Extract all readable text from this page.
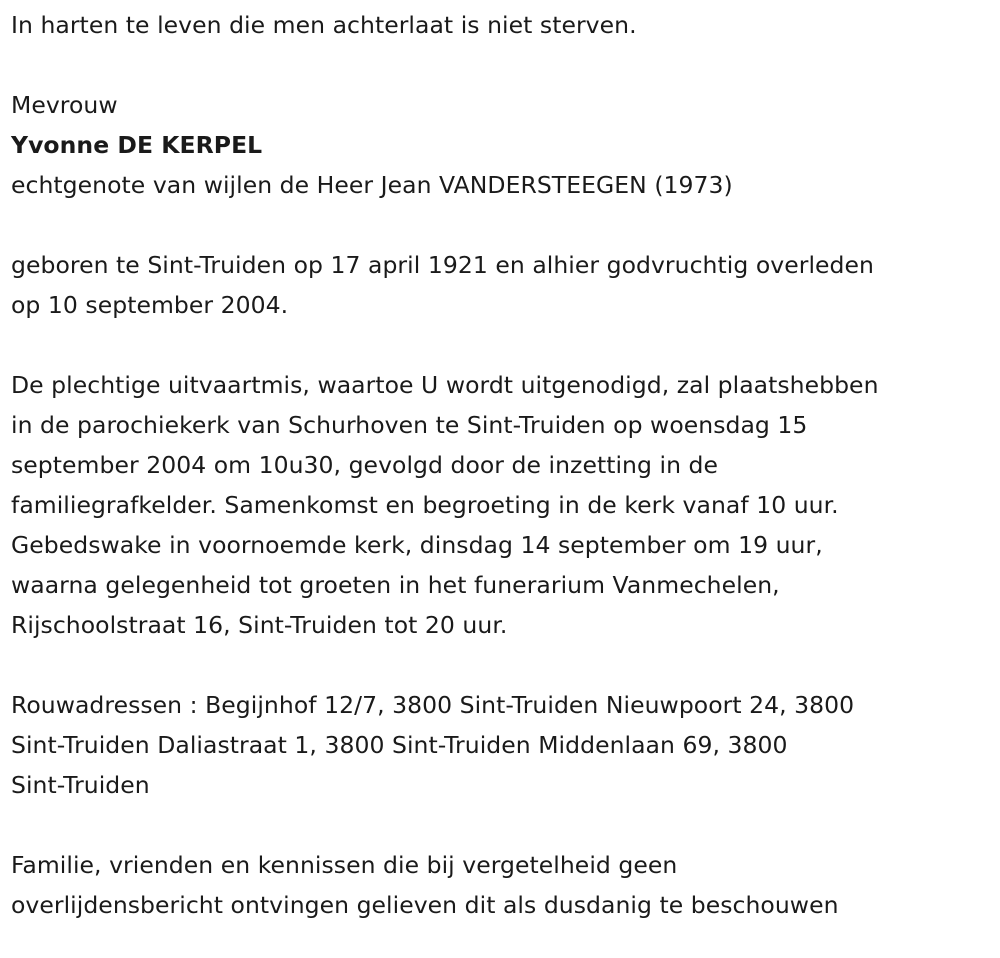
In harten te leven die men achterlaat is niet sterven.
Mevrouw
Yvonne DE KERPEL
echtgenote van wijlen de Heer Jean VANDERSTEEGEN (1973)
geboren te Sint-Truiden op 17 april 1921 en alhier godvruchtig overleden
op 10 september 2004.
De plechtige uitvaartmis, waartoe U wordt uitgenodigd, zal plaatshebben
in de parochiekerk van Schurhoven te Sint-Truiden op woensdag 15
september 2004 om 10u30, gevolgd door de inzetting in de
familiegrafkelder. Samenkomst en begroeting in de kerk vanaf 10 uur.
Gebedswake in voornoemde kerk, dinsdag 14 september om 19 uur,
waarna gelegenheid tot groeten in het funerarium Vanmechelen,
Rijschoolstraat 16, Sint-Truiden tot 20 uur.
Rouwadressen : Begijnhof 12/7, 3800 Sint-Truiden Nieuwpoort 24, 3800
Sint-Truiden Daliastraat 1, 3800 Sint-Truiden Middenlaan 69, 3800
Sint-Truiden
Familie, vrienden en kennissen die bij vergetelheid geen
overlijdensbericht ontvingen gelieven dit als dusdanig te beschouwen
